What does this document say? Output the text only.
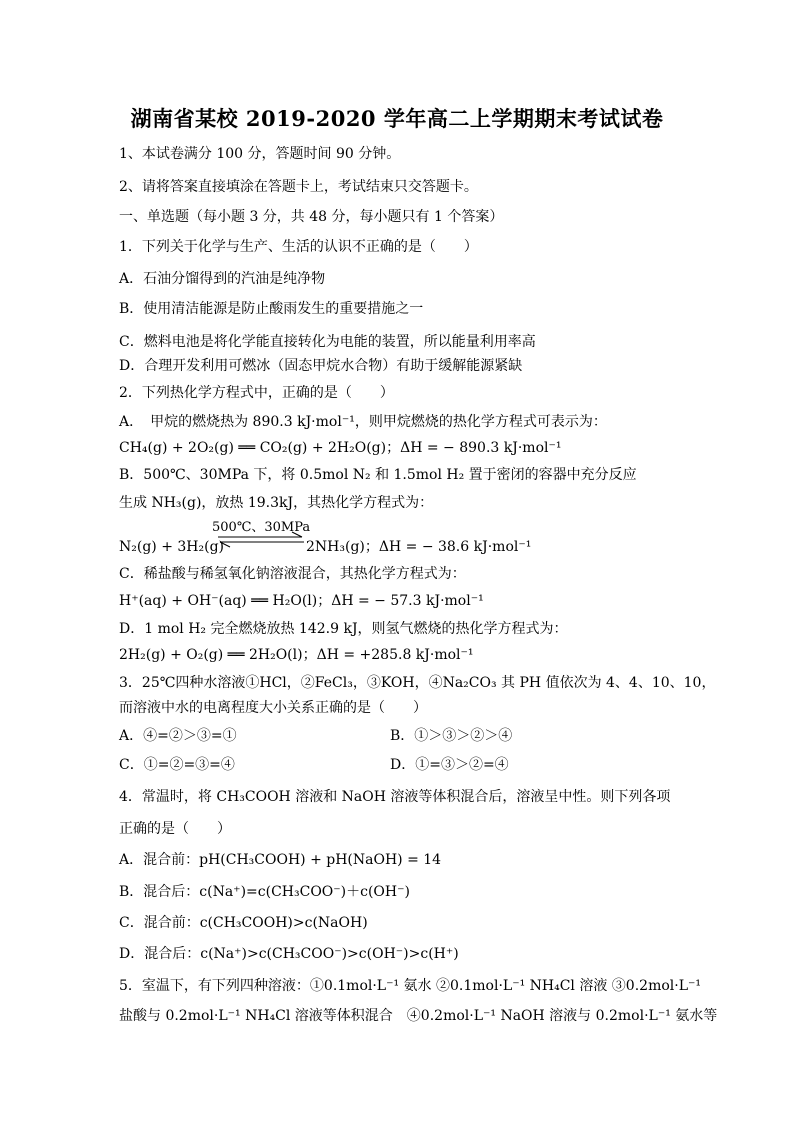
湖南省某校 2019-2020 学年高二上学期期末考试试卷
1、本试卷满分 100 分，答题时间 90 分钟。
2、请将答案直接填涂在答题卡上，考试结束只交答题卡。
一、单选题（每小题 3 分，共 48 分，每小题只有 1 个答案）
1．下列关于化学与生产、生活的认识不正确的是（　　）
A．石油分馏得到的汽油是纯净物
B．使用清洁能源是防止酸雨发生的重要措施之一
C．燃料电池是将化学能直接转化为电能的装置，所以能量利用率高
D．合理开发利用可燃冰（固态甲烷水合物）有助于缓解能源紧缺
2．下列热化学方程式中，正确的是（　　）
A．　甲烷的燃烧热为 890.3 kJ·mol⁻¹，则甲烷燃烧的热化学方程式可表示为：
CH₄(g) + 2O₂(g) ══ CO₂(g) + 2H₂O(g)；ΔH = − 890.3 kJ·mol⁻¹
B．500℃、30MPa 下，将 0.5mol N₂ 和 1.5mol H₂ 置于密闭的容器中充分反应
生成 NH₃(g)，放热 19.3kJ，其热化学方程式为：
500℃、30MPa
N₂(g) + 3H₂(g)	2NH₃(g)；ΔH = − 38.6 kJ·mol⁻¹
C．稀盐酸与稀氢氧化钠溶液混合，其热化学方程式为：
H⁺(aq) + OH⁻(aq) ══ H₂O(l)；ΔH = − 57.3 kJ·mol⁻¹
D．1 mol H₂ 完全燃烧放热 142.9 kJ，则氢气燃烧的热化学方程式为：
2H₂(g) + O₂(g) ══ 2H₂O(l)；ΔH = +285.8 kJ·mol⁻¹
3．25℃四种水溶液①HCl，②FeCl₃，③KOH，④Na₂CO₃ 其 PH 值依次为 4、4、10、10，
而溶液中水的电离程度大小关系正确的是（　　）
A．④=②＞③=①	B．①＞③＞②＞④
C．①=②=③=④	D．①=③＞②=④
4．常温时，将 CH₃COOH 溶液和 NaOH 溶液等体积混合后，溶液呈中性。则下列各项
正确的是（　　）
A．混合前：pH(CH₃COOH) + pH(NaOH) = 14
B．混合后：c(Na⁺)=c(CH₃COO⁻)＋c(OH⁻)
C．混合前：c(CH₃COOH)>c(NaOH)
D．混合后：c(Na⁺)>c(CH₃COO⁻)>c(OH⁻)>c(H⁺)
5．室温下，有下列四种溶液：①0.1mol·L⁻¹ 氨水 ②0.1mol·L⁻¹ NH₄Cl 溶液 ③0.2mol·L⁻¹
盐酸与 0.2mol·L⁻¹ NH₄Cl 溶液等体积混合　④0.2mol·L⁻¹ NaOH 溶液与 0.2mol·L⁻¹ 氨水等
